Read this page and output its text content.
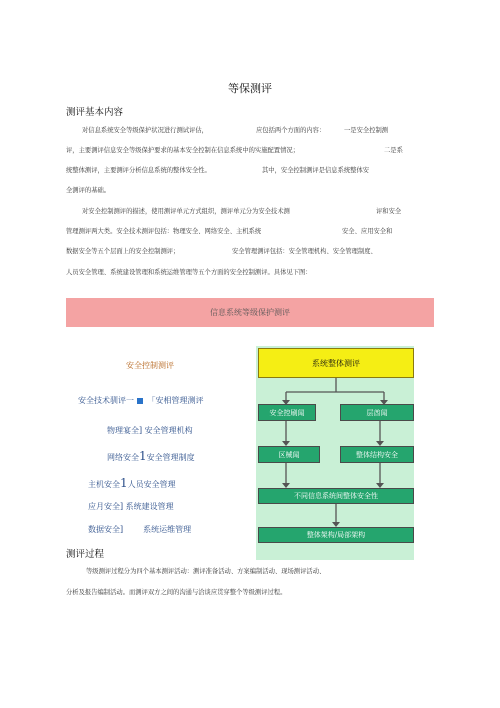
等保测评
测评基本内容
对信息系统安全等级保护状况进行测试评估，	应包括两个方面的内容：	一是安全控制测
评，主要测评信息安全等级保护要求的基本安全控制在信息系统中的实施配置情况；	二是系
统整体测评，主要测评分析信息系统的整体安全性。	其中，安全控制测评是信息系统整体安
全测评的基础。
对安全控制测评的描述，使用测评单元方式组织，测评单元分为安全技术测	评和安全
管理测评两大类。安全技术测评包括：物理安全、网络安全、主机系统	安全、应用安全和
数据安全等五个层面上的安全控制测评；	安全管理测评包括：安全管理机构、安全管理制度、
人员安全管理、系统建设管理和系统运维管理等五个方面的安全控制测评。具体见下图：
信息系统等级保护测评
安全控制测评
安全技术驯评一 「安相管理测评
物理宴全] 安全管理机构
网络安全1安全管理制度
主机安全1人员安全管理
应月安全] 系统建设管理
数据安全]	系统运维管理
系统整体测评
安全控刷闻	层酋闻
区械闻	整体结构安全
不同信息系统间整体安全性
整体架构/局部架构
测评过程
等级测评过程分为四个基本测评活动：测评准备活动、方案编制活动、现场测评活动、
分析及报告编制活动。而测评双方之间的沟通与洽谈应贯穿整个等级测评过程。
